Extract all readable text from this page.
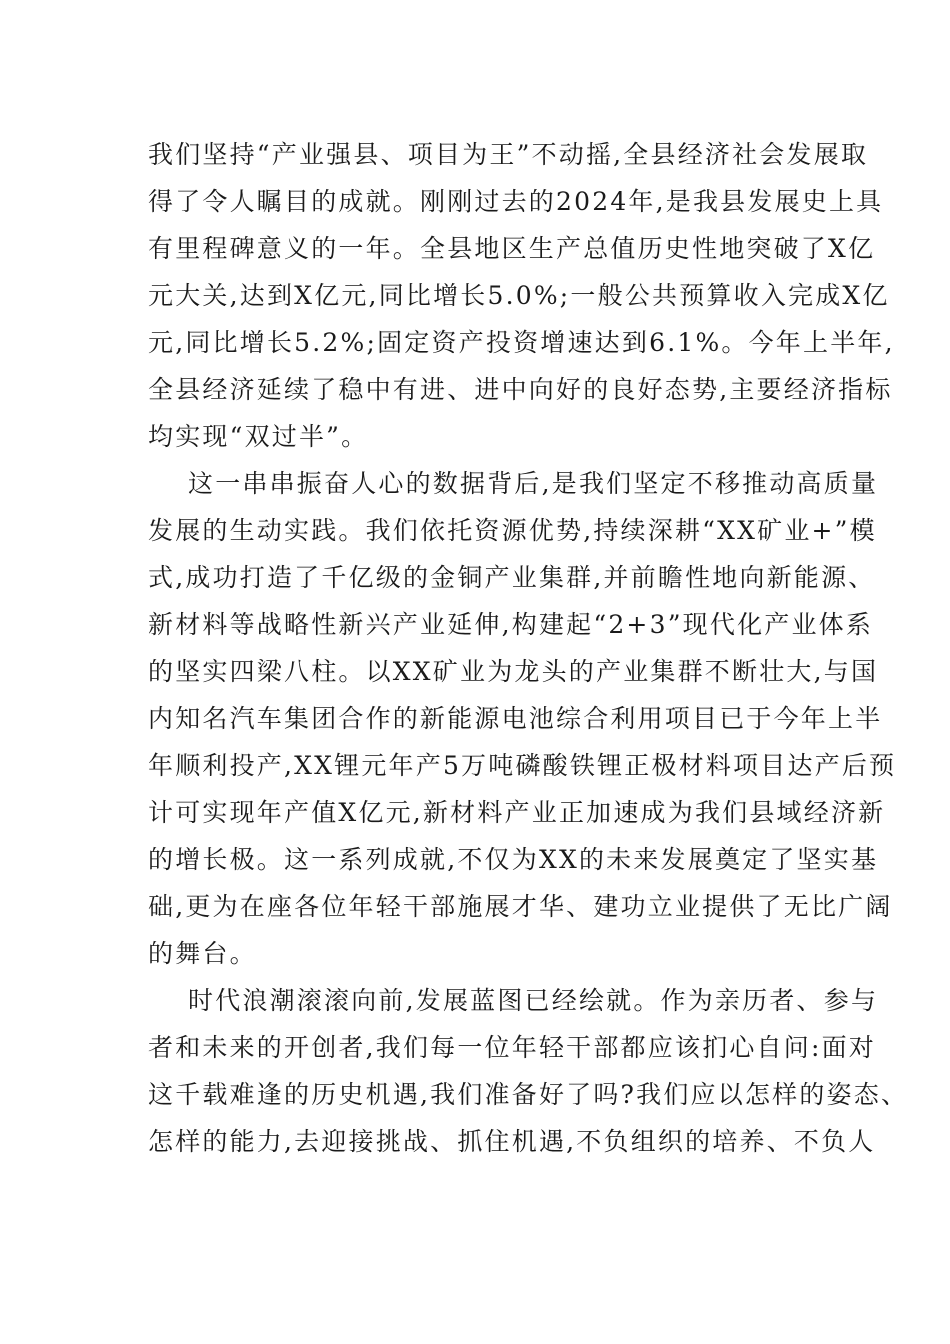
我们坚持“产业强县、项目为王”不动摇,全县经济社会发展取
得了令人瞩目的成就。刚刚过去的2024年,是我县发展史上具
有里程碑意义的一年。全县地区生产总值历史性地突破了X亿
元大关,达到X亿元,同比增长5.0%;一般公共预算收入完成X亿
元,同比增长5.2%;固定资产投资增速达到6.1%。今年上半年,
全县经济延续了稳中有进、进中向好的良好态势,主要经济指标
均实现“双过半”。

这一串串振奋人心的数据背后,是我们坚定不移推动高质量
发展的生动实践。我们依托资源优势,持续深耕“XX矿业+”模
式,成功打造了千亿级的金铜产业集群,并前瞻性地向新能源、
新材料等战略性新兴产业延伸,构建起“2+3”现代化产业体系
的坚实四梁八柱。以XX矿业为龙头的产业集群不断壮大,与国
内知名汽车集团合作的新能源电池综合利用项目已于今年上半
年顺利投产,XX锂元年产5万吨磷酸铁锂正极材料项目达产后预
计可实现年产值X亿元,新材料产业正加速成为我们县域经济新
的增长极。这一系列成就,不仅为XX的未来发展奠定了坚实基
础,更为在座各位年轻干部施展才华、建功立业提供了无比广阔
的舞台。

时代浪潮滚滚向前,发展蓝图已经绘就。作为亲历者、参与
者和未来的开创者,我们每一位年轻干部都应该扪心自问:面对
这千载难逢的历史机遇,我们准备好了吗?我们应以怎样的姿态、
怎样的能力,去迎接挑战、抓住机遇,不负组织的培养、不负人
